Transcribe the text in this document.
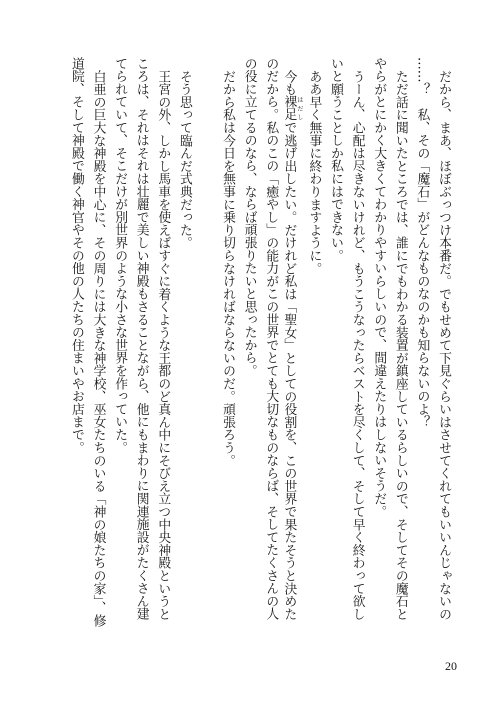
だから、まあ、ほぼぶっつけ本番だ。でもせめて下見ぐらいはさせてくれてもいいんじゃないの
……？　私、その「魔石」がどんなものなのかも知らないのよ？
ただ話に聞いたところでは、誰にでもわかる装置が鎮座しているらしいので、そしてその魔石と
やらがとにかく大きくてわかりやすいらしいので、間違えたりはしないそうだ。
うーん、心配は尽きないけれど、もうこうなったらベストを尽くして、そして早く終わって欲し
いと願うことしか私にはできない。
ああ早く無事に終わりますように。
今も裸足 はだしで逃げ出したい。だけれど私は「聖女」としての役割を、この世界で果たそうと決めた
のだから。私のこの「癒やし」の能力がこの世界でとても大切なものならば、そしてたくさんの人
の役に立てるのなら、ならば頑張りたいと思ったから。
だから私は今日を無事に乗り切らなければならないのだ。頑張ろう。
そう思って臨んだ式典だった。
王宮の外、しかし馬車を使えばすぐに着くような王都のど真ん中にそびえ立つ中央神殿というと
ころは、それはそれは壮麗で美しい神殿もさることながら、他にもまわりに関連施設がたくさん建
てられていて、そこだけが別世界のような小さな世界を作っていた。
白亜の巨大な神殿を中心に、その周りには大きな神学校、巫女たちのいる「神の娘たちの家」、修
道院、そして神殿で働く神官やその他の人たちの住まいやお店まで。
20
